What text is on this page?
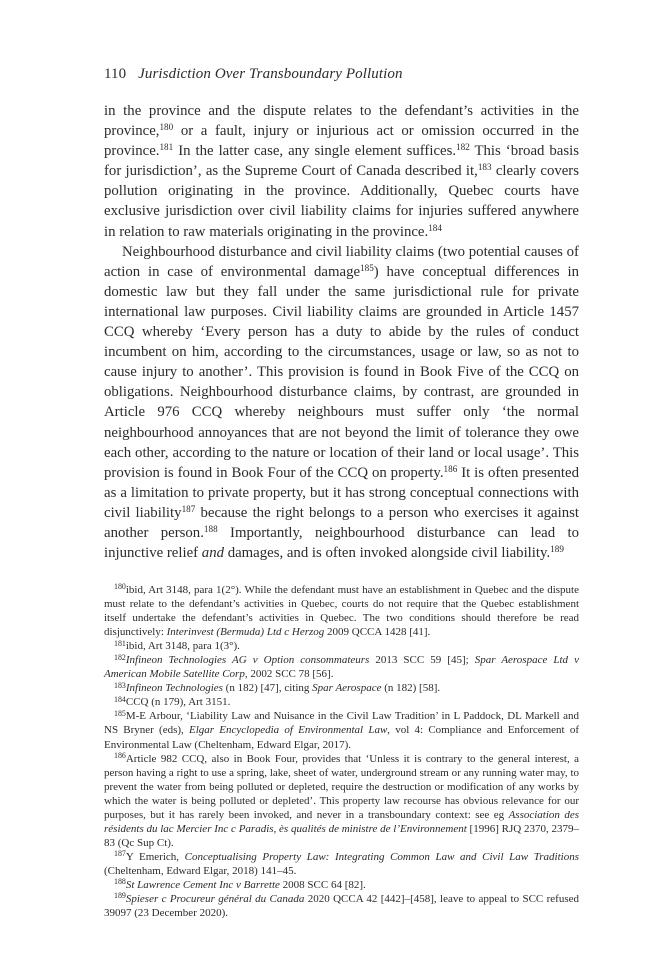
110 Jurisdiction Over Transboundary Pollution

in the province and the dispute relates to the defendant’s activities in the province,$^{180}$ or a fault, injury or injurious act or omission occurred in the province.$^{181}$ In the latter case, any single element suffices.$^{182}$ This ‘broad basis for jurisdiction’, as the Supreme Court of Canada described it,$^{183}$ clearly covers pollution originating in the province. Additionally, Quebec courts have exclusive jurisdiction over civil liability claims for injuries suffered anywhere in relation to raw materials originating in the province.$^{184}$

Neighbourhood disturbance and civil liability claims (two potential causes of action in case of environmental damage$^{185}$) have conceptual differences in domestic law but they fall under the same jurisdictional rule for private international law purposes. Civil liability claims are grounded in Article 1457 CCQ whereby ‘Every person has a duty to abide by the rules of conduct incumbent on him, according to the circumstances, usage or law, so as not to cause injury to another’. This provision is found in Book Five of the CCQ on obligations. Neighbourhood disturbance claims, by contrast, are grounded in Article 976 CCQ whereby neighbours must suffer only ‘the normal neighbourhood annoyances that are not beyond the limit of tolerance they owe each other, according to the nature or location of their land or local usage’. This provision is found in Book Four of the CCQ on property.$^{186}$ It is often presented as a limitation to private property, but it has strong conceptual connections with civil liability$^{187}$ because the right belongs to a person who exercises it against another person.$^{188}$ Importantly, neighbourhood disturbance can lead to injunctive relief and damages, and is often invoked alongside civil liability.$^{189}$

$^{180}$ibid, Art 3148, para 1(2°). While the defendant must have an establishment in Quebec and the dispute must relate to the defendant’s activities in Quebec, courts do not require that the Quebec establishment itself undertake the defendant’s activities in Quebec. The two conditions should therefore be read disjunctively: Interinvest (Bermuda) Ltd c Herzog 2009 QCCA 1428 [41].

$^{181}$ibid, Art 3148, para 1(3°).

$^{182}$Infineon Technologies AG v Option consommateurs 2013 SCC 59 [45]; Spar Aerospace Ltd v American Mobile Satellite Corp, 2002 SCC 78 [56].

$^{183}$Infineon Technologies (n 182) [47], citing Spar Aerospace (n 182) [58].

$^{184}$CCQ (n 179), Art 3151.

$^{185}$M-E Arbour, ‘Liability Law and Nuisance in the Civil Law Tradition’ in L Paddock, DL Markell and NS Bryner (eds), Elgar Encyclopedia of Environmental Law, vol 4: Compliance and Enforcement of Environmental Law (Cheltenham, Edward Elgar, 2017).

$^{186}$Article 982 CCQ, also in Book Four, provides that ‘Unless it is contrary to the general interest, a person having a right to use a spring, lake, sheet of water, underground stream or any running water may, to prevent the water from being polluted or depleted, require the destruction or modification of any works by which the water is being polluted or depleted’. This property law recourse has obvious relevance for our purposes, but it has rarely been invoked, and never in a transboundary context: see eg Association des résidents du lac Mercier Inc c Paradis, ès qualités de ministre de l’Environnement [1996] RJQ 2370, 2379–83 (Qc Sup Ct).

$^{187}$Y Emerich, Conceptualising Property Law: Integrating Common Law and Civil Law Traditions (Cheltenham, Edward Elgar, 2018) 141–45.

$^{188}$St Lawrence Cement Inc v Barrette 2008 SCC 64 [82].

$^{189}$Spieser c Procureur général du Canada 2020 QCCA 42 [442]–[458], leave to appeal to SCC refused 39097 (23 December 2020).
